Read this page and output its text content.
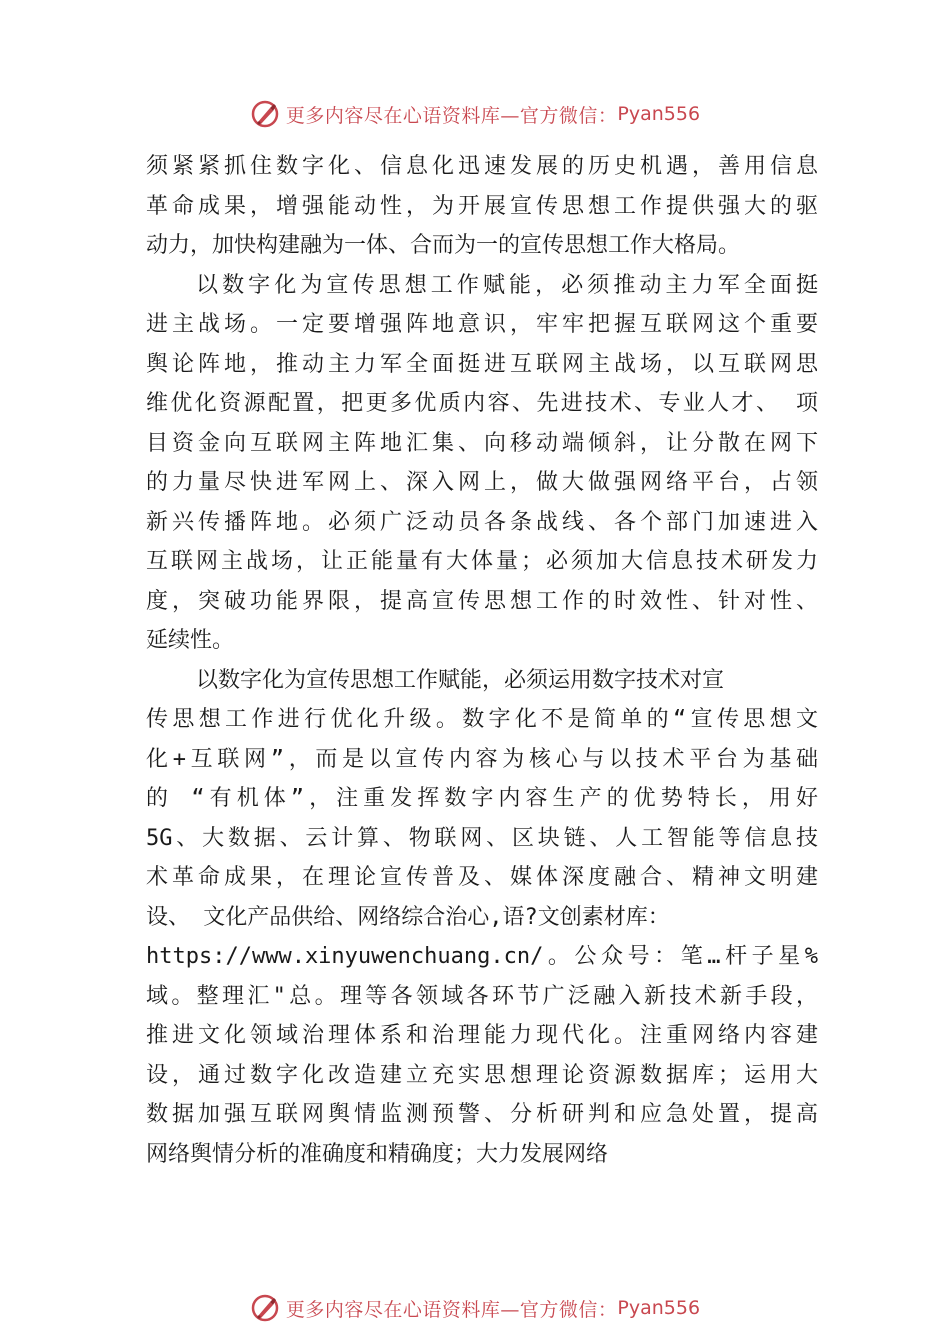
更多内容尽在心语资料库—官方微信： Pyan556
须紧紧抓住数字化、信息化迅速发展的历史机遇，善用信息
革命成果，增强能动性，为开展宣传思想工作提供强大的驱
动力，加快构建融为一体、合而为一的宣传思想工作大格局。
以数字化为宣传思想工作赋能，必须推动主力军全面挺
进主战场。一定要增强阵地意识，牢牢把握互联网这个重要
舆论阵地，推动主力军全面挺进互联网主战场，以互联网思
维优化资源配置，把更多优质内容、先进技术、专业人才、 项
目资金向互联网主阵地汇集、向移动端倾斜，让分散在网下
的力量尽快进军网上、深入网上，做大做强网络平台，占领
新兴传播阵地。必须广泛动员各条战线、各个部门加速进入
互联网主战场，让正能量有大体量；必须加大信息技术研发力
度，突破功能界限，提高宣传思想工作的时效性、针对性、
延续性。
以数字化为宣传思想工作赋能，必须运用数字技术对宣
传思想工作进行优化升级。数字化不是简单的“宣传思想文
化+互联网”，而是以宣传内容为核心与以技术平台为基础
的 “有机体”，注重发挥数字内容生产的优势特长，用好
5G、大数据、云计算、物联网、区块链、人工智能等信息技
术革命成果，在理论宣传普及、媒体深度融合、精神文明建
设、 文化产品供给、网络综合治心,语?文创素材库：
https://www.xinyuwenchuang.cn/。公众号：笔…杆子星%
域。整理汇"总。理等各领域各环节广泛融入新技术新手段，
推进文化领域治理体系和治理能力现代化。注重网络内容建
设，通过数字化改造建立充实思想理论资源数据库；运用大
数据加强互联网舆情监测预警、分析研判和应急处置，提高
网络舆情分析的准确度和精确度；大力发展网络
更多内容尽在心语资料库—官方微信： Pyan556
